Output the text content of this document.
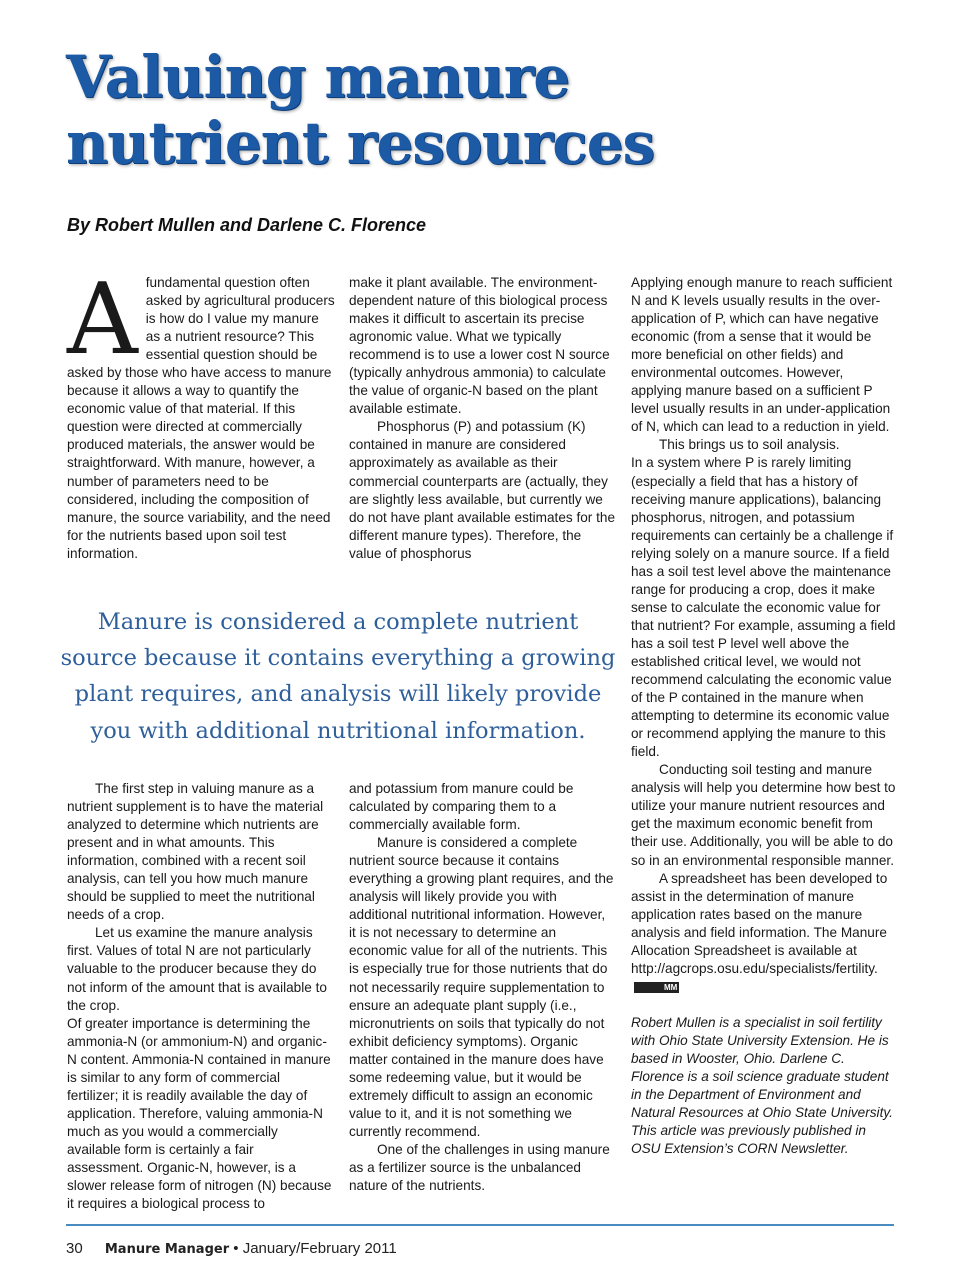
Valuing manure
nutrient resources
By Robert Mullen and Darlene C. Florence

Afundamental question often asked by agricultural producers is how do I value my manure as a nutrient resource? This essential question should be asked by those who have access to manure because it allows a way to quantify the economic value of that material. If this question were directed at commercially produced materials, the answer would be straightforward. With manure, however, a number of parameters need to be considered, including the composition of manure, the source variability, and the need for the nutrients based upon soil test information.

make it plant available. The environment-dependent nature of this biological process makes it difficult to ascertain its precise agronomic value. What we typically recommend is to use a lower cost N source (typically anhydrous ammonia) to calculate the value of organic-N based on the plant available estimate.

Phosphorus (P) and potassium (K) contained in manure are considered approximately as available as their commercial counterparts are (actually, they are slightly less available, but currently we do not have plant available estimates for the different manure types). Therefore, the value of phosphorus

Manure is considered a complete nutrient source because it contains everything a growing plant requires, and analysis will likely provide you with additional nutritional information.

The first step in valuing manure as a nutrient supplement is to have the material analyzed to determine which nutrients are present and in what amounts. This information, combined with a recent soil analysis, can tell you how much manure should be supplied to meet the nutritional needs of a crop.

Let us examine the manure analysis first. Values of total N are not particularly valuable to the producer because they do not inform of the amount that is available to the crop.

Of greater importance is determining the ammonia-N (or ammonium-N) and organic-N content. Ammonia-N contained in manure is similar to any form of commercial fertilizer; it is readily available the day of application. Therefore, valuing ammonia-N much as you would a commercially available form is certainly a fair assessment. Organic-N, however, is a slower release form of nitrogen (N) because it requires a biological process to

and potassium from manure could be calculated by comparing them to a commercially available form.

Manure is considered a complete nutrient source because it contains everything a growing plant requires, and the analysis will likely provide you with additional nutritional information. However, it is not necessary to determine an economic value for all of the nutrients. This is especially true for those nutrients that do not necessarily require supplementation to ensure an adequate plant supply (i.e., micronutrients on soils that typically do not exhibit deficiency symptoms). Organic matter contained in the manure does have some redeeming value, but it would be extremely difficult to assign an economic value to it, and it is not something we currently recommend.

One of the challenges in using manure as a fertilizer source is the unbalanced nature of the nutrients.

Applying enough manure to reach sufficient N and K levels usually results in the over-application of P, which can have negative economic (from a sense that it would be more beneficial on other fields) and environmental outcomes. However, applying manure based on a sufficient P level usually results in an under-application of N, which can lead to a reduction in yield.

This brings us to soil analysis.

In a system where P is rarely limiting (especially a field that has a history of receiving manure applications), balancing phosphorus, nitrogen, and potassium requirements can certainly be a challenge if relying solely on a manure source. If a field has a soil test level above the maintenance range for producing a crop, does it make sense to calculate the economic value for that nutrient? For example, assuming a field has a soil test P level well above the established critical level, we would not recommend calculating the economic value of the P contained in the manure when attempting to determine its economic value or recommend applying the manure to this field.

Conducting soil testing and manure analysis will help you determine how best to utilize your manure nutrient resources and get the maximum economic benefit from their use. Additionally, you will be able to do so in an environmental responsible manner.

A spreadsheet has been developed to assist in the determination of manure application rates based on the manure analysis and field information. The Manure Allocation Spreadsheet is available at http://agcrops.osu.edu/specialists/fertility.MM

Robert Mullen is a specialist in soil fertility with Ohio State University Extension. He is based in Wooster, Ohio. Darlene C. Florence is a soil science graduate student in the Department of Environment and Natural Resources at Ohio State University. This article was previously published in OSU Extension’s CORN Newsletter.

30 Manure Manager • January/February 2011
